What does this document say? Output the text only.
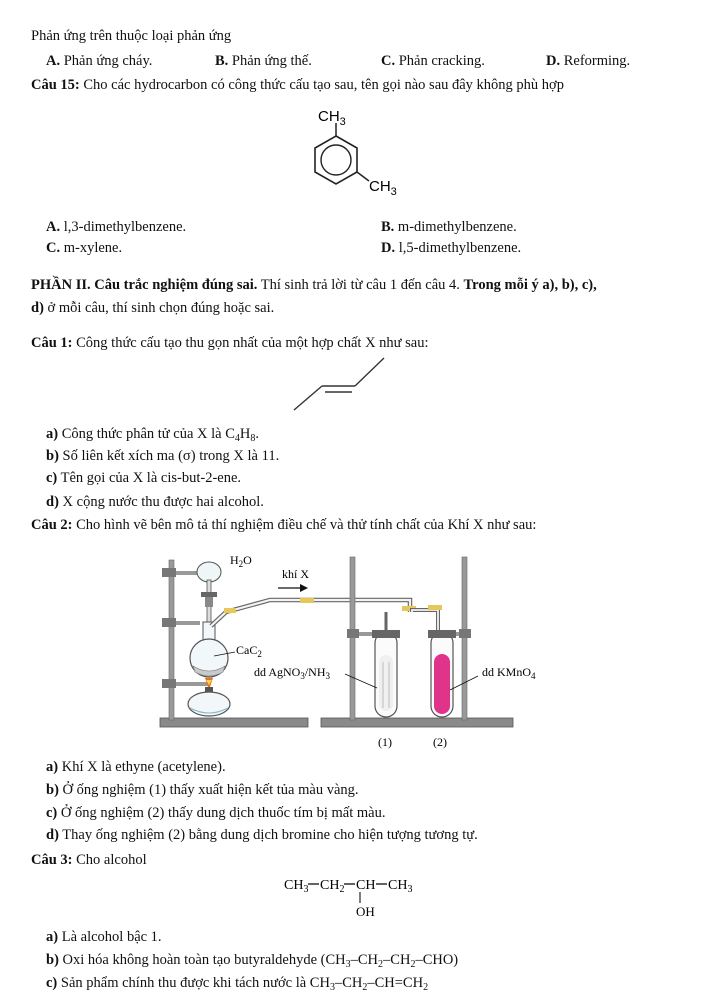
Phản ứng trên thuộc loại phản ứng
A. Phản ứng cháy.	B. Phản ứng thế.	C. Phản cracking.	D. Reforming.
Câu 15: Cho các hydrocarbon có công thức cấu tạo sau, tên gọi nào sau đây không phù hợp
$CH_3$
$CH_3$
A. l,3-dimethylbenzene.	B. m-dimethylbenzene.
C. m-xylene.	D. l,5-dimethylbenzene.
PHẦN II. Câu trắc nghiệm đúng sai. Thí sinh trả lời từ câu 1 đến câu 4. Trong mỗi ý a), b), c),
d) ở mỗi câu, thí sinh chọn đúng hoặc sai.
Câu 1: Công thức cấu tạo thu gọn nhất của một hợp chất X như sau:
a) Công thức phân tử của X là $C_4H_8$.
b) Số liên kết xích ma (σ) trong X là 11.
c) Tên gọi của X là cis-but-2-ene.
d) X cộng nước thu được hai alcohol.
Câu 2: Cho hình vẽ bên mô tả thí nghiệm điều chế và thử tính chất của Khí X như sau:
$H_2O$
khí X
CaC$_2$
dd $AgNO_3/NH_3$	dd KMnO$_4$
(1)	(2)
a) Khí X là ethyne (acetylene).
b) Ở ống nghiệm (1) thấy xuất hiện kết tủa màu vàng.
c) Ở ống nghiệm (2) thấy dung dịch thuốc tím bị mất màu.
d) Thay ống nghiệm (2) bằng dung dịch bromine cho hiện tượng tương tự.
Câu 3: Cho alcohol
$CH_3$ $CH_2$ CH $CH_3$
OH
a) Là alcohol bậc 1.
b) Oxi hóa không hoàn toàn tạo butyraldehyde $(CH_3-CH_2-CH_2-CHO)$
c) Sản phẩm chính thu được khi tách nước là $CH_3-CH_2-CH=CH_2$
